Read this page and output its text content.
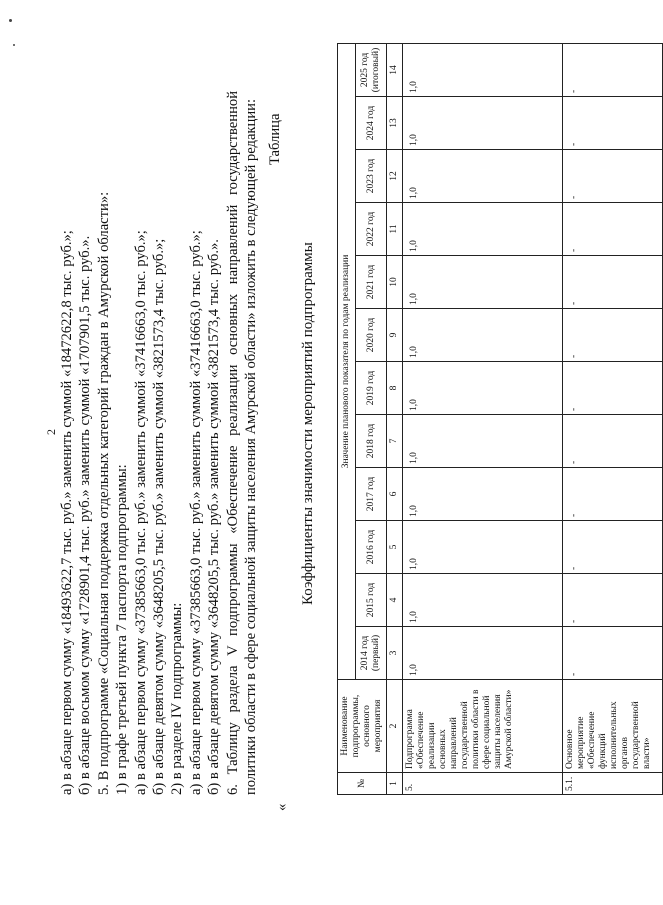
2 а) в абзаце первом сумму «18493622,7 тыс. руб.» заменить суммой «18472622,8 тыс. руб.»; б) в абзаце восьмом сумму «1728901,4 тыс. руб.» заменить суммой «1707901,5 тыс. руб.». 5. В подпрограмме «Социальная поддержка отдельных категорий граждан в Амурской области»: 1) в графе третьей пункта 7 паспорта подпрограммы: а) в абзаце первом сумму «37385663,0 тыс. руб.» заменить суммой «37416663,0 тыс. руб.»; б) в абзаце девятом сумму «3648205,5 тыс. руб.» заменить суммой «3821573,4 тыс. руб.»; 2) в разделе IV подпрограммы: а) в абзаце первом сумму «37385663,0 тыс. руб.» заменить суммой «37416663,0 тыс. руб.»; б) в абзаце девятом сумму «3648205,5 тыс. руб.» заменить суммой «3821573,4 тыс. руб.». 6. Таблицу раздела V подпрограммы «Обеспечение реализации основных направлений государственной политики области в сфере социальной защиты населения Амурской области» изложить в следующей редакции: Таблица
«
Коэффициенты значимости мероприятий подпрограммы
№	Наименование подпрограммы, основного мероприятия	Значение планового показателя по годам реализации											
		2014 год (первый)	2015 год	2016 год	2017 год	2018 год	2019 год	2020 год	2021 год	2022 год	2023 год	2024 год	2025 год (итоговый)
1	2	3	4	5	6	7	8	9	10	11	12	13	14
5.	Подпрограмма «Обеспечение реализации основных направлений государственной политики области в сфере социальной защиты населения Амурской области»	1,0	1,0	1,0	1,0	1,0	1,0	1,0	1,0	1,0	1,0	1,0	1,0
5.1.	Основное мероприятие «Обеспечение функций исполнительных органов государственной власти»	-	-	-	-	-	-	-	-	-	-	-	-
